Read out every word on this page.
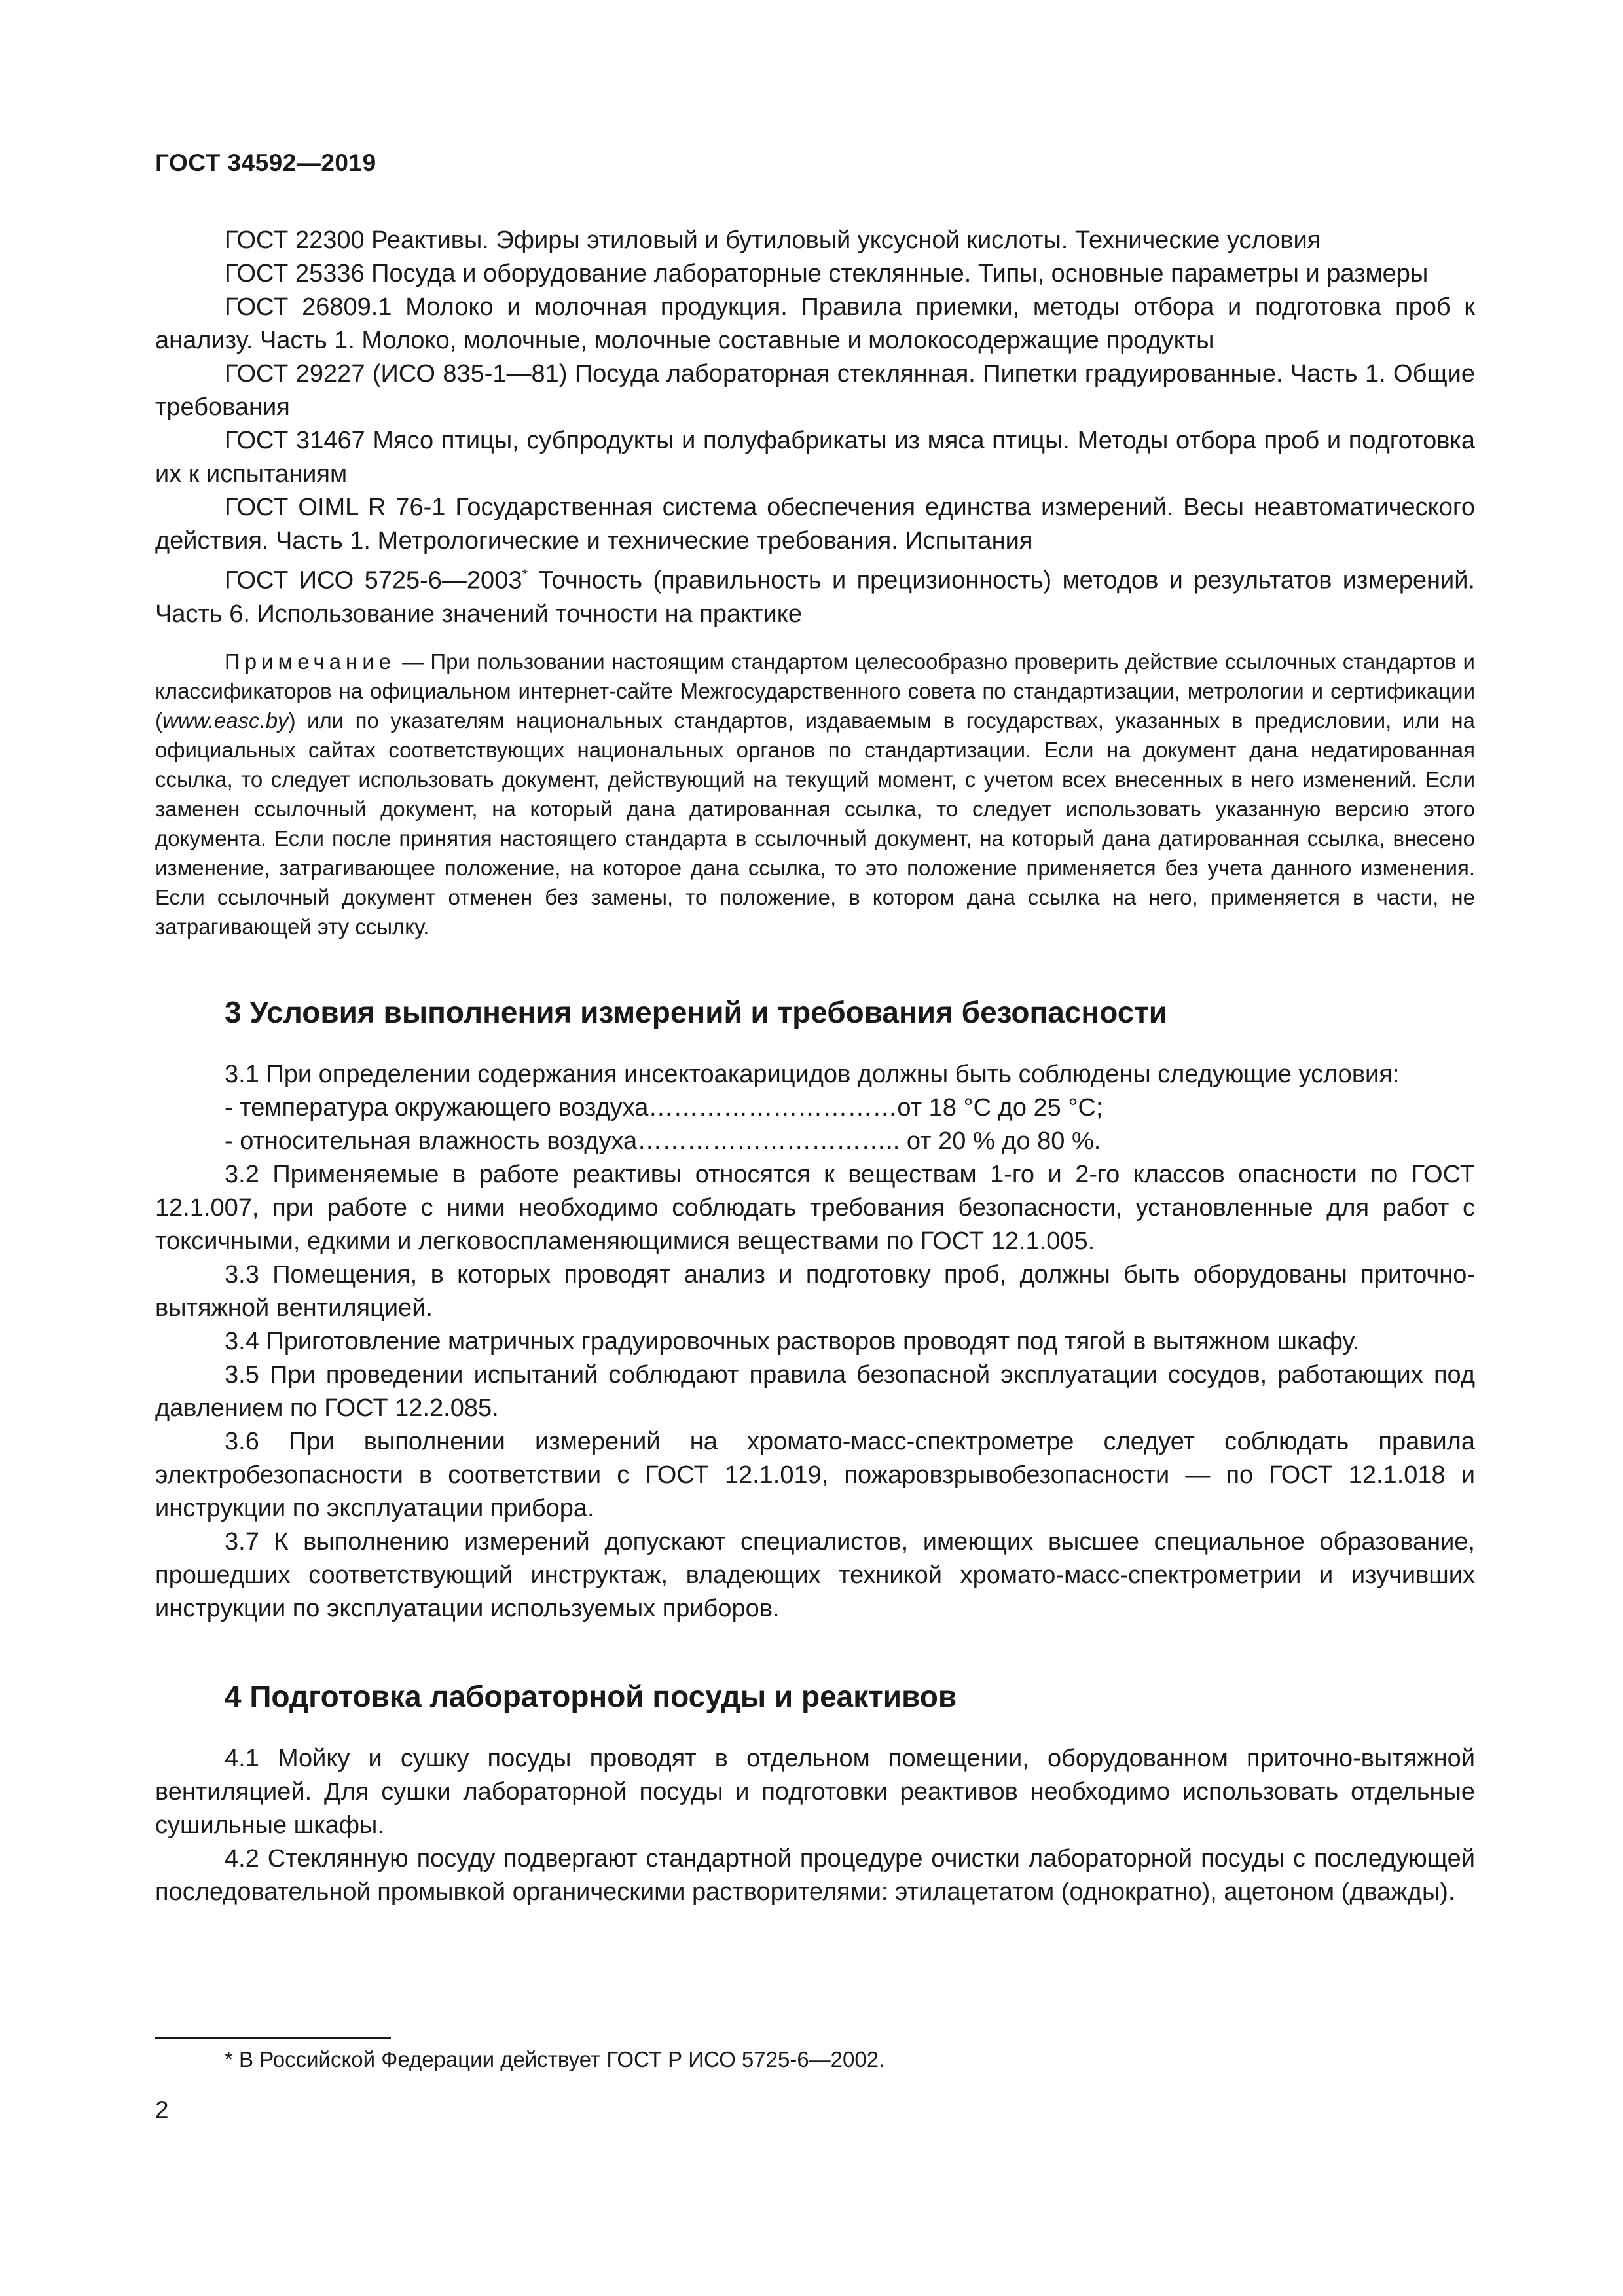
ГОСТ 34592—2019

ГОСТ 22300 Реактивы. Эфиры этиловый и бутиловый уксусной кислоты. Технические условия

ГОСТ 25336 Посуда и оборудование лабораторные стеклянные. Типы, основные параметры и размеры

ГОСТ 26809.1 Молоко и молочная продукция. Правила приемки, методы отбора и подготовка проб к анализу. Часть 1. Молоко, молочные, молочные составные и молокосодержащие продукты

ГОСТ 29227 (ИСО 835-1—81) Посуда лабораторная стеклянная. Пипетки градуированные. Часть 1. Общие требования

ГОСТ 31467 Мясо птицы, субпродукты и полуфабрикаты из мяса птицы. Методы отбора проб и подготовка их к испытаниям

ГОСТ OIML R 76-1 Государственная система обеспечения единства измерений. Весы неавтоматического действия. Часть 1. Метрологические и технические требования. Испытания

ГОСТ ИСО 5725-6—2003* Точность (правильность и прецизионность) методов и результатов измерений. Часть 6. Использование значений точности на практике

Примечание — При пользовании настоящим стандартом целесообразно проверить действие ссылочных стандартов и классификаторов на официальном интернет-сайте Межгосударственного совета по стандартизации, метрологии и сертификации (www.easc.by) или по указателям национальных стандартов, издаваемым в государствах, указанных в предисловии, или на официальных сайтах соответствующих национальных органов по стандартизации. Если на документ дана недатированная ссылка, то следует использовать документ, действующий на текущий момент, с учетом всех внесенных в него изменений. Если заменен ссылочный документ, на который дана датированная ссылка, то следует использовать указанную версию этого документа. Если после принятия настоящего стандарта в ссылочный документ, на который дана датированная ссылка, внесено изменение, затрагивающее положение, на которое дана ссылка, то это положение применяется без учета данного изменения. Если ссылочный документ отменен без замены, то положение, в котором дана ссылка на него, применяется в части, не затрагивающей эту ссылку.

3 Условия выполнения измерений и требования безопасности

3.1 При определении содержания инсектоакарицидов должны быть соблюдены следующие условия:

- температура окружающего воздуха…………………………от 18 °С до 25 °С;
- относительная влажность воздуха………………………….. от 20 % до 80 %.

3.2 Применяемые в работе реактивы относятся к веществам 1-го и 2-го классов опасности по ГОСТ 12.1.007, при работе с ними необходимо соблюдать требования безопасности, установленные для работ с токсичными, едкими и легковоспламеняющимися веществами по ГОСТ 12.1.005.

3.3 Помещения, в которых проводят анализ и подготовку проб, должны быть оборудованы приточно-вытяжной вентиляцией.

3.4 Приготовление матричных градуировочных растворов проводят под тягой в вытяжном шкафу.

3.5 При проведении испытаний соблюдают правила безопасной эксплуатации сосудов, работающих под давлением по ГОСТ 12.2.085.

3.6 При выполнении измерений на хромато-масс-спектрометре следует соблюдать правила электробезопасности в соответствии с ГОСТ 12.1.019, пожаровзрывобезопасности — по ГОСТ 12.1.018 и инструкции по эксплуатации прибора.

3.7 К выполнению измерений допускают специалистов, имеющих высшее специальное образование, прошедших соответствующий инструктаж, владеющих техникой хромато-масс-спектрометрии и изучивших инструкции по эксплуатации используемых приборов.

4 Подготовка лабораторной посуды и реактивов

4.1 Мойку и сушку посуды проводят в отдельном помещении, оборудованном приточно-вытяжной вентиляцией. Для сушки лабораторной посуды и подготовки реактивов необходимо использовать отдельные сушильные шкафы.

4.2 Стеклянную посуду подвергают стандартной процедуре очистки лабораторной посуды с последующей последовательной промывкой органическими растворителями: этилацетатом (однократно), ацетоном (дважды).

* В Российской Федерации действует ГОСТ Р ИСО 5725-6—2002.
2
